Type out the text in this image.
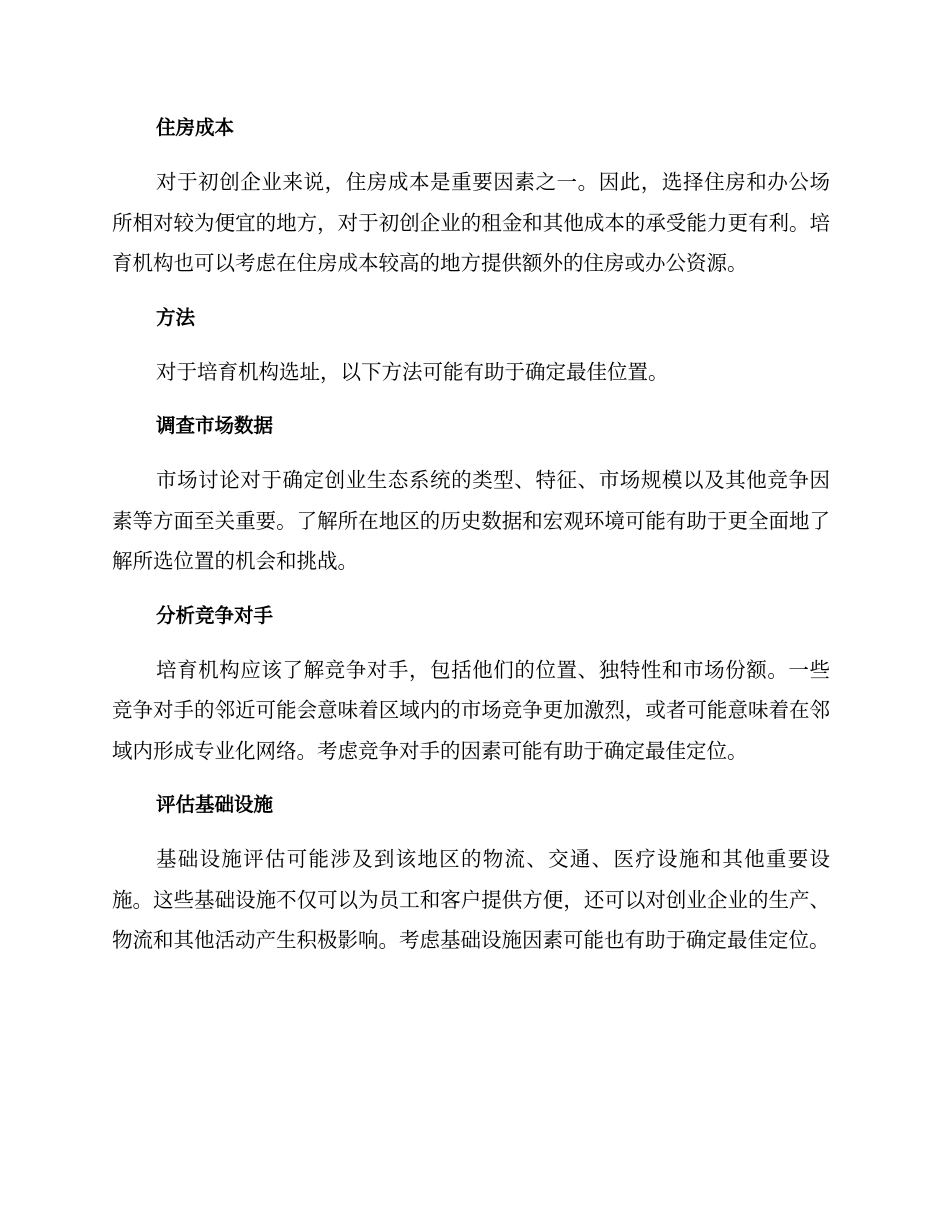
住房成本

对于初创企业来说，住房成本是重要因素之一。因此，选择住房和办公场所相对较为便宜的地方，对于初创企业的租金和其他成本的承受能力更有利。培育机构也可以考虑在住房成本较高的地方提供额外的住房或办公资源。

方法

对于培育机构选址，以下方法可能有助于确定最佳位置。

调查市场数据

市场讨论对于确定创业生态系统的类型、特征、市场规模以及其他竞争因素等方面至关重要。了解所在地区的历史数据和宏观环境可能有助于更全面地了解所选位置的机会和挑战。

分析竞争对手

培育机构应该了解竞争对手，包括他们的位置、独特性和市场份额。一些竞争对手的邻近可能会意味着区域内的市场竞争更加激烈，或者可能意味着在邻域内形成专业化网络。考虑竞争对手的因素可能有助于确定最佳定位。

评估基础设施

基础设施评估可能涉及到该地区的物流、交通、医疗设施和其他重要设施。这些基础设施不仅可以为员工和客户提供方便，还可以对创业企业的生产、物流和其他活动产生积极影响。考虑基础设施因素可能也有助于确定最佳定位。
